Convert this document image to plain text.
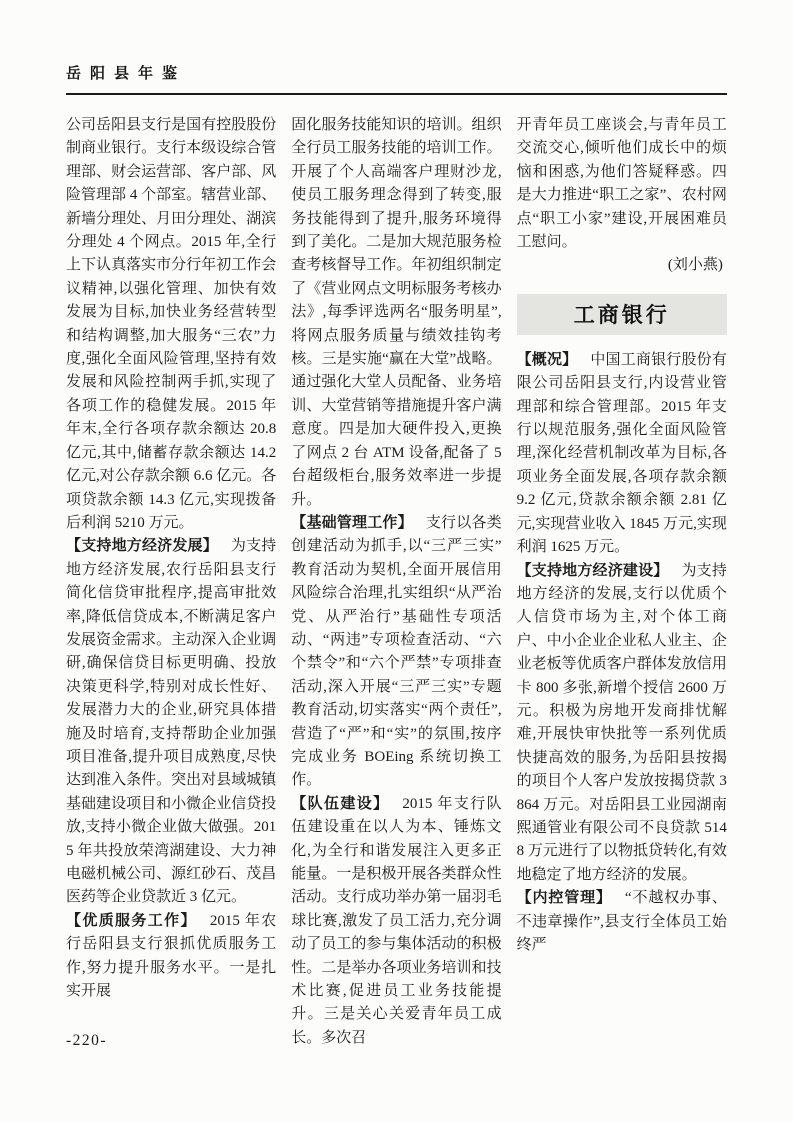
岳阳县年鉴

公司岳阳县支行是国有控股股份制商业银行。支行本级设综合管理部、财会运营部、客户部、风险管理部 4 个部室。辖营业部、新墙分理处、月田分理处、湖滨分理处 4 个网点。2015 年,全行上下认真落实市分行年初工作会议精神,以强化管理、加快有效发展为目标,加快业务经营转型和结构调整,加大服务“三农”力度,强化全面风险管理,坚持有效发展和风险控制两手抓,实现了各项工作的稳健发展。2015 年年末,全行各项存款余额达 20.8 亿元,其中,储蓄存款余额达 14.2 亿元,对公存款余额 6.6 亿元。各项贷款余额 14.3 亿元,实现拨备后利润 5210 万元。

【支持地方经济发展】 为支持地方经济发展,农行岳阳县支行简化信贷审批程序,提高审批效率,降低信贷成本,不断满足客户发展资金需求。主动深入企业调研,确保信贷目标更明确、投放决策更科学,特别对成长性好、发展潜力大的企业,研究具体措施及时培育,支持帮助企业加强项目准备,提升项目成熟度,尽快达到准入条件。突出对县域城镇基础建设项目和小微企业信贷投放,支持小微企业做大做强。2015 年共投放荣湾湖建设、大力神电磁机械公司、源红砂石、茂昌医药等企业贷款近 3 亿元。

【优质服务工作】 2015 年农行岳阳县支行狠抓优质服务工作,努力提升服务水平。一是扎实开展

固化服务技能知识的培训。组织全行员工服务技能的培训工作。开展了个人高端客户理财沙龙,使员工服务理念得到了转变,服务技能得到了提升,服务环境得到了美化。二是加大规范服务检查考核督导工作。年初组织制定了《营业网点文明标服务考核办法》,每季评选两名“服务明星”,将网点服务质量与绩效挂钩考核。三是实施“赢在大堂”战略。通过强化大堂人员配备、业务培训、大堂营销等措施提升客户满意度。四是加大硬件投入,更换了网点 2 台 ATM 设备,配备了 5 台超级柜台,服务效率进一步提升。

【基础管理工作】 支行以各类创建活动为抓手,以“三严三实”教育活动为契机,全面开展信用风险综合治理,扎实组织“从严治党、从严治行”基础性专项活动、“两违”专项检查活动、“六个禁令”和“六个严禁”专项排查活动,深入开展“三严三实”专题教育活动,切实落实“两个责任”,营造了“严”和“实”的氛围,按序完成业务 BOEing 系统切换工作。

【队伍建设】 2015 年支行队伍建设重在以人为本、锤炼文化,为全行和谐发展注入更多正能量。一是积极开展各类群众性活动。支行成功举办第一届羽毛球比赛,激发了员工活力,充分调动了员工的参与集体活动的积极性。二是举办各项业务培训和技术比赛,促进员工业务技能提升。三是关心关爱青年员工成长。多次召

开青年员工座谈会,与青年员工交流交心,倾听他们成长中的烦恼和困惑,为他们答疑释惑。四是大力推进“职工之家”、农村网点“职工小家”建设,开展困难员工慰问。

(刘小燕)

工商银行

【概况】 中国工商银行股份有限公司岳阳县支行,内设营业管理部和综合管理部。2015 年支行以规范服务,强化全面风险管理,深化经营机制改革为目标,各项业务全面发展,各项存款余额 9.2 亿元,贷款余额余额 2.81 亿元,实现营业收入 1845 万元,实现利润 1625 万元。

【支持地方经济建设】 为支持地方经济的发展,支行以优质个人信贷市场为主,对个体工商户、中小企业企业私人业主、企业老板等优质客户群体发放信用卡 800 多张,新增个授信 2600 万元。积极为房地开发商排忧解难,开展快审快批等一系列优质快捷高效的服务,为岳阳县按揭的项目个人客户发放按揭贷款 3864 万元。对岳阳县工业园湖南熙通管业有限公司不良贷款 5148 万元进行了以物抵贷转化,有效地稳定了地方经济的发展。

【内控管理】 “不越权办事、不违章操作”,县支行全体员工始终严

-220-
